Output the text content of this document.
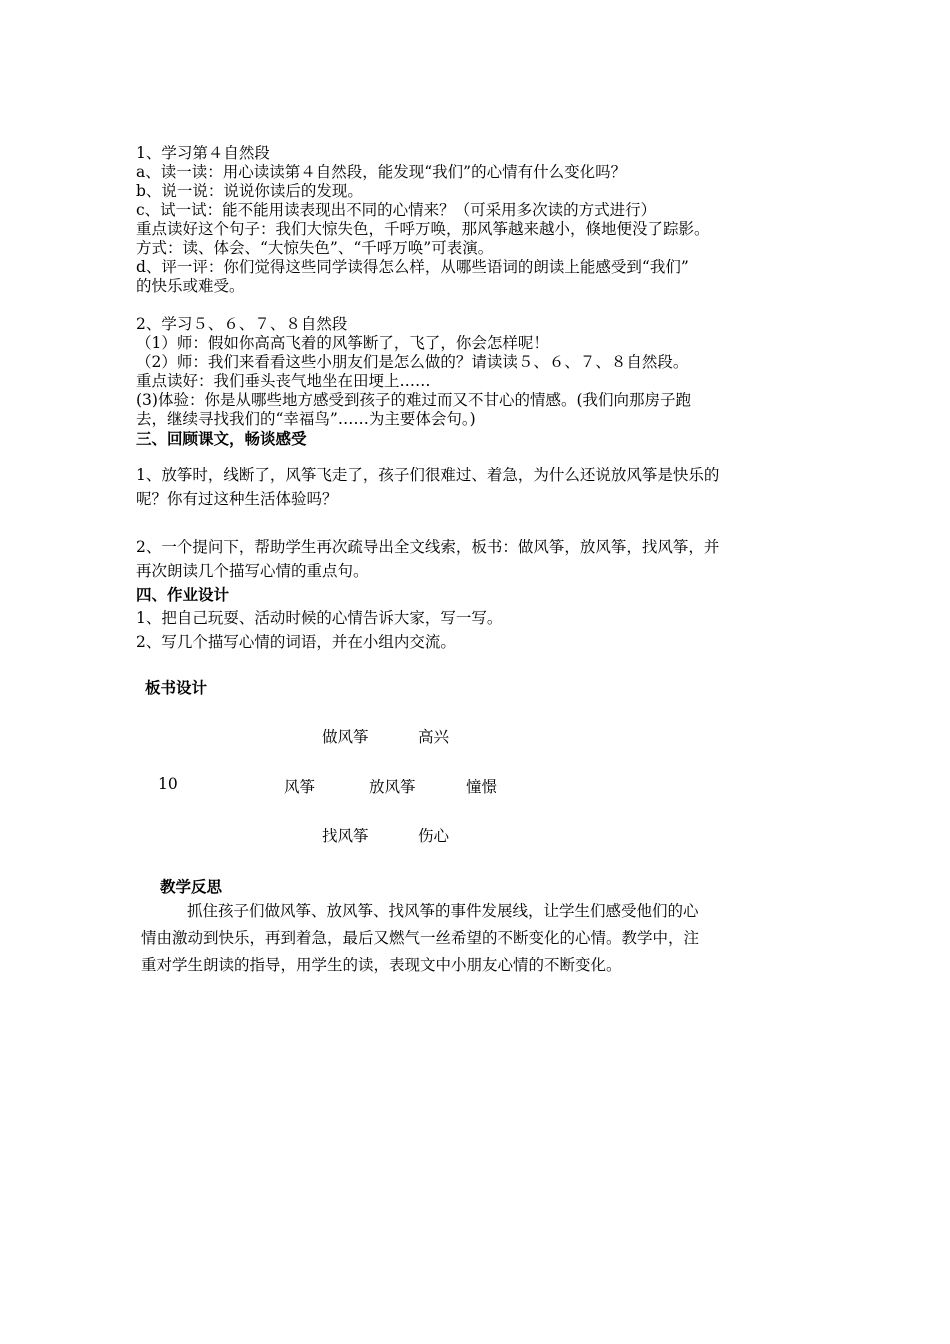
1、学习第４自然段
a、读一读：用心读读第４自然段，能发现“我们”的心情有什么变化吗？
b、说一说：说说你读后的发现。
c、试一试：能不能用读表现出不同的心情来？（可采用多次读的方式进行）
重点读好这个句子：我们大惊失色，千呼万唤，那风筝越来越小，倏地便没了踪影。
方式：读、体会、“大惊失色”、“千呼万唤”可表演。
d、评一评：你们觉得这些同学读得怎么样，从哪些语词的朗读上能感受到“我们”
的快乐或难受。
2、学习５、６、７、８自然段
（1）师：假如你高高飞着的风筝断了，飞了，你会怎样呢！
（2）师：我们来看看这些小朋友们是怎么做的？请读读５、６、７、８自然段。
重点读好：我们垂头丧气地坐在田埂上……
(3)体验：你是从哪些地方感受到孩子的难过而又不甘心的情感。(我们向那房子跑
去，继续寻找我们的“幸福鸟”……为主要体会句。)
三、回顾课文，畅谈感受
1、放筝时，线断了，风筝飞走了，孩子们很难过、着急，为什么还说放风筝是快乐的
呢？你有过这种生活体验吗？
2、一个提问下，帮助学生再次疏导出全文线索，板书：做风筝，放风筝，找风筝，并
再次朗读几个描写心情的重点句。
四、作业设计
1、把自己玩耍、活动时候的心情告诉大家，写一写。
2、写几个描写心情的词语，并在小组内交流。
板书设计
做风筝	高兴
10	风筝	放风筝	憧憬
找风筝	伤心
教学反思
抓住孩子们做风筝、放风筝、找风筝的事件发展线，让学生们感受他们的心
情由激动到快乐，再到着急，最后又燃气一丝希望的不断变化的心情。教学中，注
重对学生朗读的指导，用学生的读，表现文中小朋友心情的不断变化。
